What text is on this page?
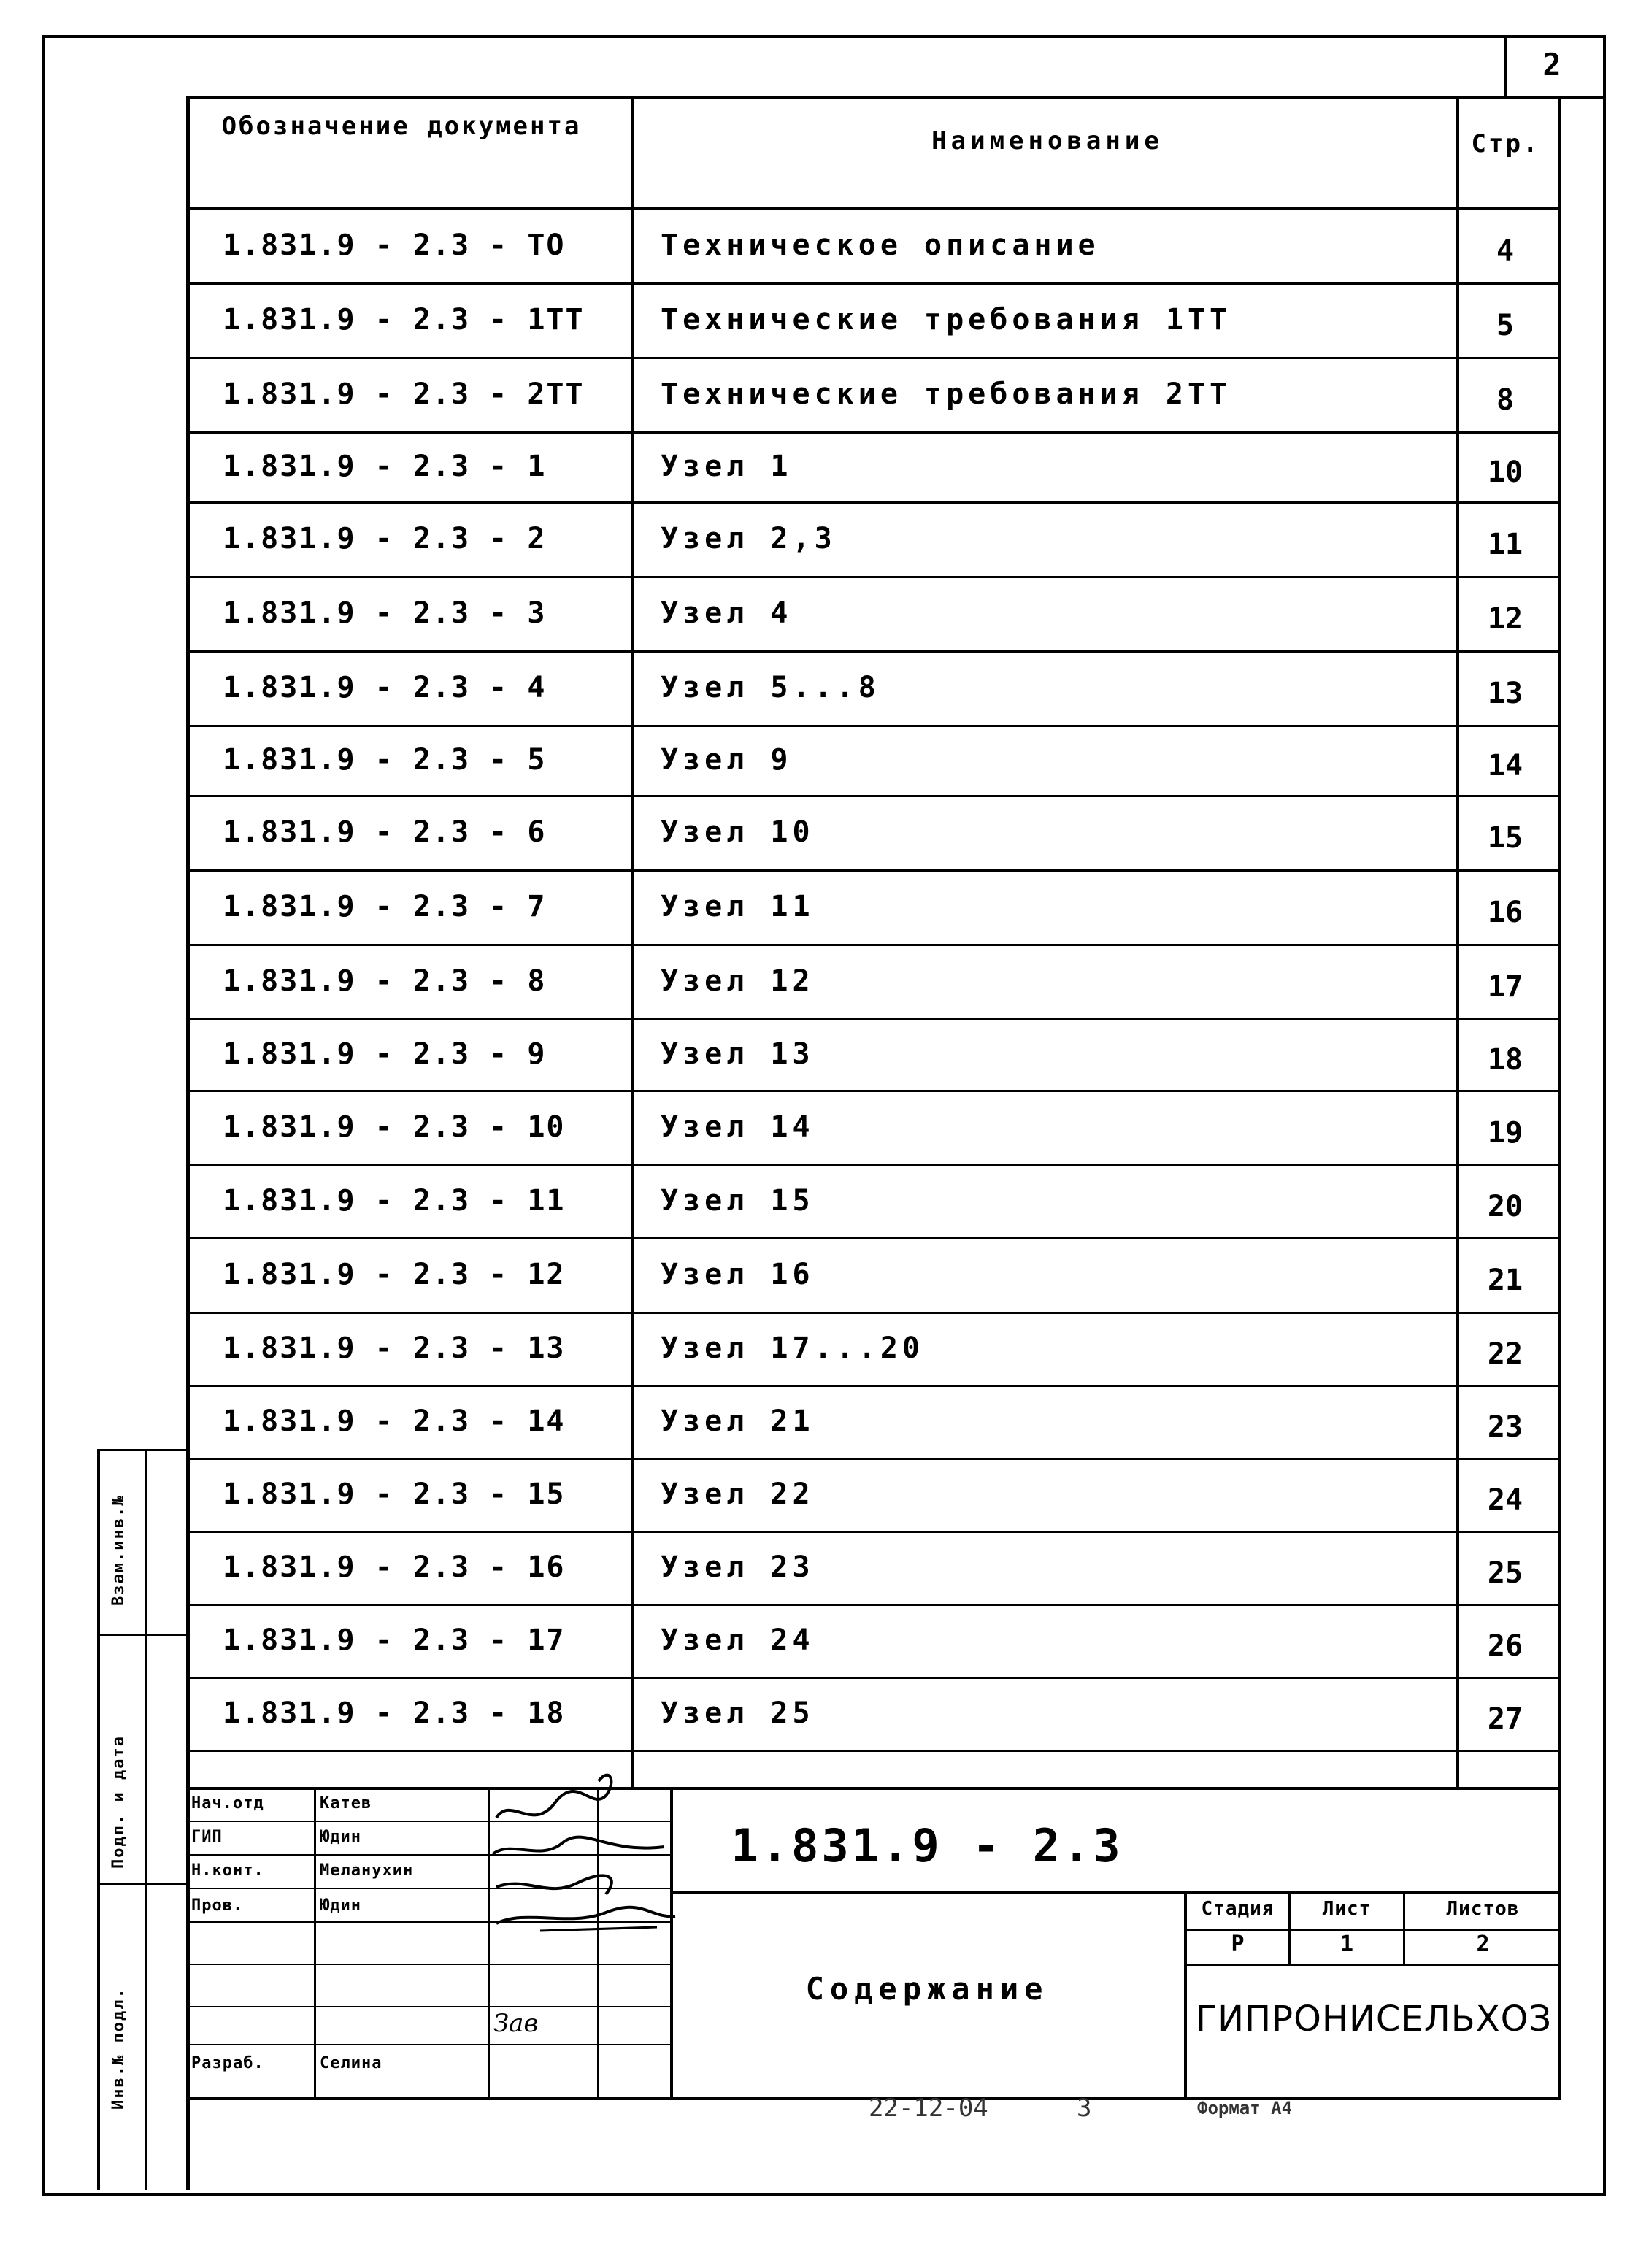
2
Обозначение документа	Наименование	Стр.
1.831.9 - 2.3 - ТО	Техническое описание	4
1.831.9 - 2.3 - 1ТТ	Технические требования 1ТТ	5
1.831.9 - 2.3 - 2ТТ	Технические требования 2ТТ	8
1.831.9 - 2.3 - 1	Узел 1	10
1.831.9 - 2.3 - 2	Узел 2,3	11
1.831.9 - 2.3 - 3	Узел 4	12
1.831.9 - 2.3 - 4	Узел 5...8	13
1.831.9 - 2.3 - 5	Узел 9	14
1.831.9 - 2.3 - 6	Узел 10	15
1.831.9 - 2.3 - 7	Узел 11	16
1.831.9 - 2.3 - 8	Узел 12	17
1.831.9 - 2.3 - 9	Узел 13	18
1.831.9 - 2.3 - 10	Узел 14	19
1.831.9 - 2.3 - 11	Узел 15	20
1.831.9 - 2.3 - 12	Узел 16	21
1.831.9 - 2.3 - 13	Узел 17...20	22
1.831.9 - 2.3 - 14	Узел 21	23
1.831.9 - 2.3 - 15	Узел 22	24
1.831.9 - 2.3 - 16	Узел 23	25
1.831.9 - 2.3 - 17	Узел 24	26
1.831.9 - 2.3 - 18	Узел 25	27
Нач.отд	Катев
ГИП	Юдин
Н.конт.	Меланухин
Пров.	Юдин
Разраб.	Селина
Зав
1.831.9 - 2.3
Содержание
Стадия	Лист	Листов
Р	1	2
ГИПРОНИСЕЛЬХОЗ
22-12-04	3	Формат А4
Взам.инв.№
Подп. и дата
Инв.№ подл.
